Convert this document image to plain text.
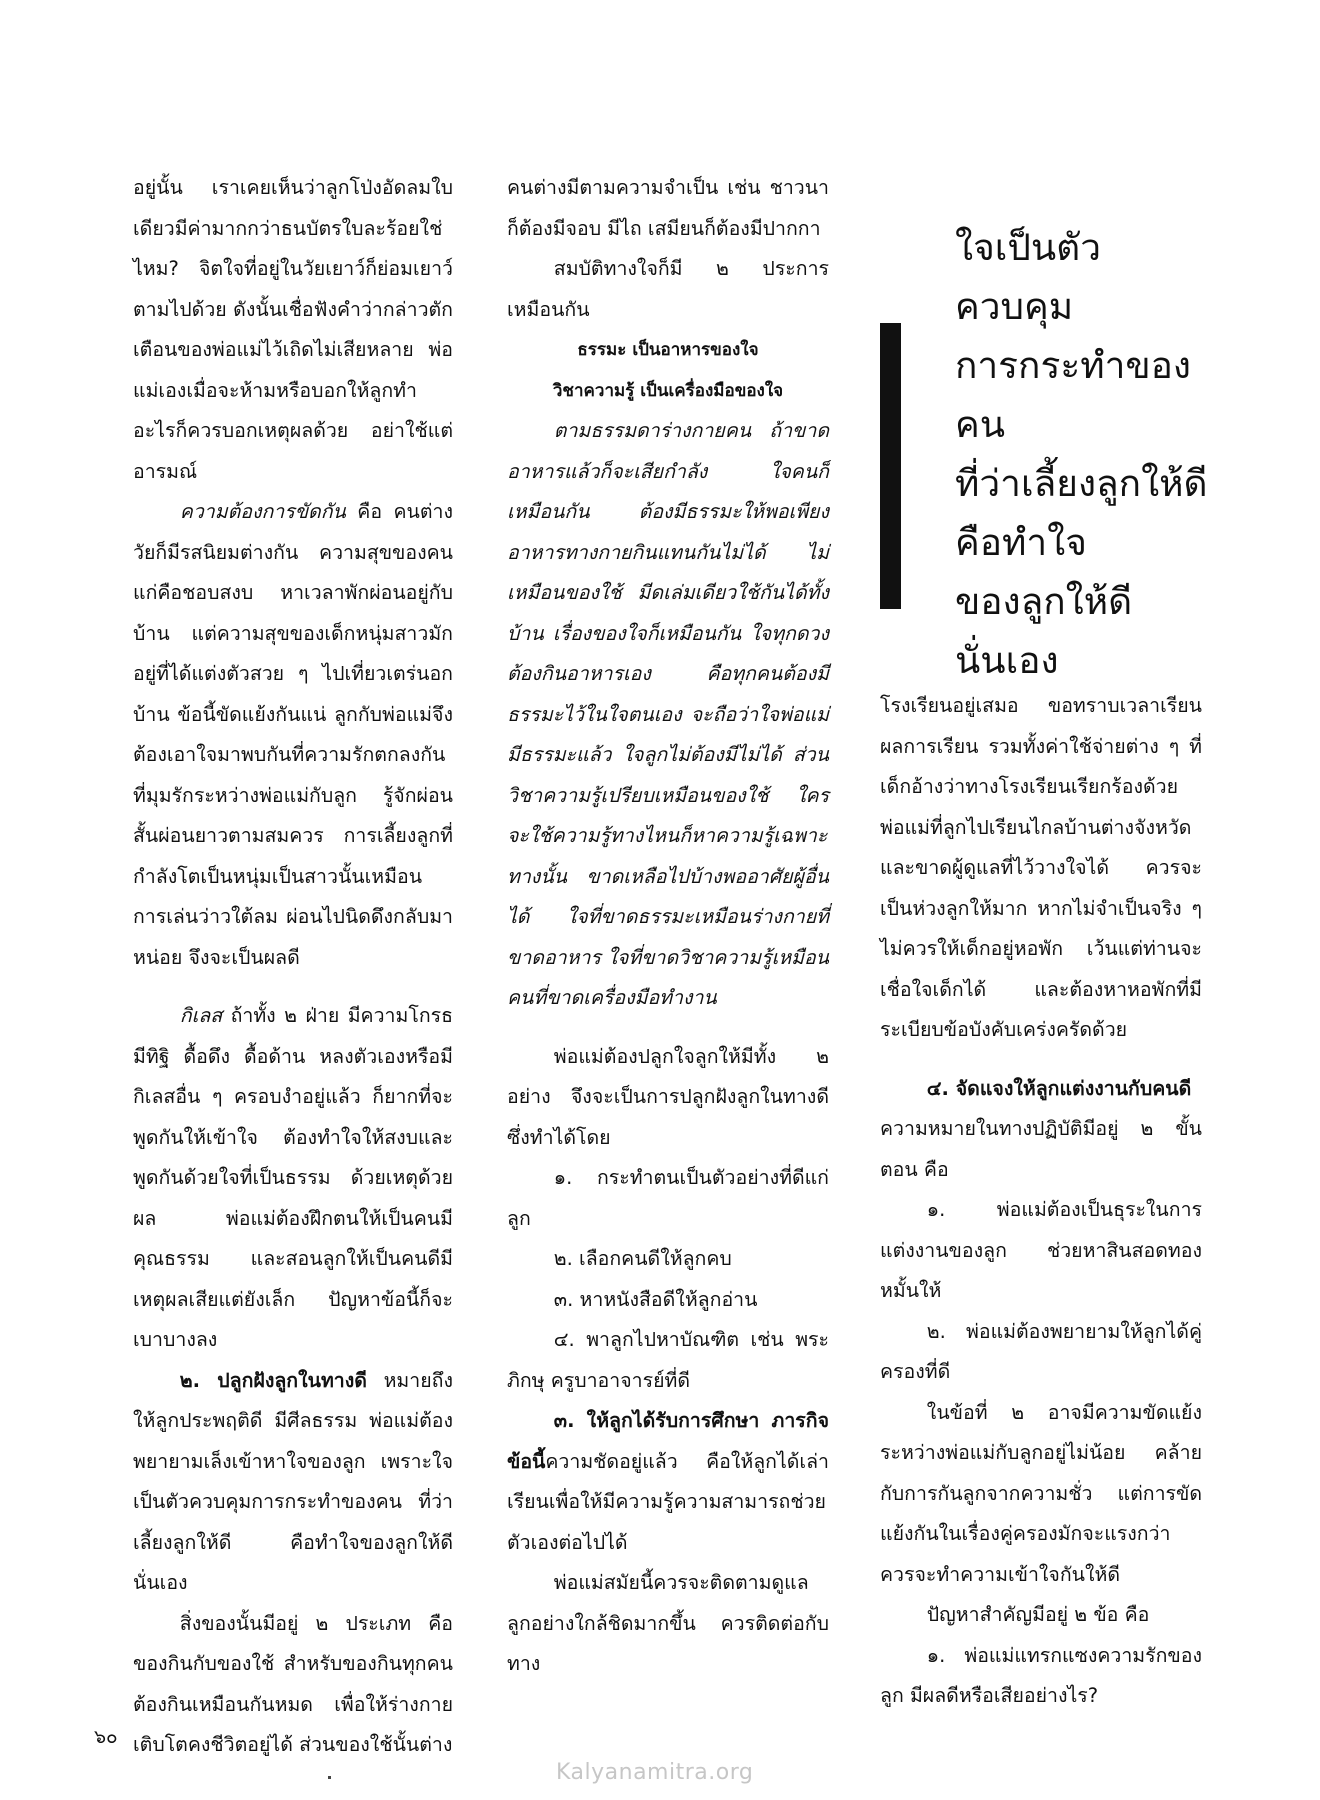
อยู่นั้น เราเคยเห็นว่าลูกโป่งอัดลมใบเดียวมีค่ามากกว่าธนบัตรใบละร้อยใช่ไหม? จิตใจที่อยู่ในวัยเยาว์ก็ย่อมเยาว์ตามไปด้วย ดังนั้นเชื่อฟังคำว่ากล่าวตักเตือนของพ่อแม่ไว้เถิดไม่เสียหลาย พ่อแม่เองเมื่อจะห้ามหรือบอกให้ลูกทำอะไรก็ควรบอกเหตุผลด้วย อย่าใช้แต่อารมณ์

ความต้องการขัดกัน คือ คนต่างวัยก็มีรสนิยมต่างกัน ความสุขของคนแก่คือชอบสงบ หาเวลาพักผ่อนอยู่กับบ้าน แต่ความสุขของเด็กหนุ่มสาวมักอยู่ที่ได้แต่งตัวสวย ๆ ไปเที่ยวเตร่นอกบ้าน ข้อนี้ขัดแย้งกันแน่ ลูกกับพ่อแม่จึงต้องเอาใจมาพบกันที่ความรักตกลงกันที่มุมรักระหว่างพ่อแม่กับลูก รู้จักผ่อนสั้นผ่อนยาวตามสมควร การเลี้ยงลูกที่กำลังโตเป็นหนุ่มเป็นสาวนั้นเหมือนการเล่นว่าวใต้ลม ผ่อนไปนิดดึงกลับมาหน่อย จึงจะเป็นผลดี

กิเลส ถ้าทั้ง ๒ ฝ่าย มีความโกรธมีทิฐิ ดื้อดึง ดื้อด้าน หลงตัวเองหรือมีกิเลสอื่น ๆ ครอบงำอยู่แล้ว ก็ยากที่จะพูดกันให้เข้าใจ ต้องทำใจให้สงบและพูดกันด้วยใจที่เป็นธรรม ด้วยเหตุด้วยผล พ่อแม่ต้องฝึกตนให้เป็นคนมีคุณธรรม และสอนลูกให้เป็นคนดีมีเหตุผลเสียแต่ยังเล็ก ปัญหาข้อนี้ก็จะเบาบางลง

๒. ปลูกฝังลูกในทางดี หมายถึงให้ลูกประพฤติดี มีศีลธรรม พ่อแม่ต้องพยายามเล็งเข้าหาใจของลูก เพราะใจเป็นตัวควบคุมการกระทำของคน ที่ว่าเลี้ยงลูกให้ดี คือทำใจของลูกให้ดีนั่นเอง

สิ่งของนั้นมีอยู่ ๒ ประเภท คือของกินกับของใช้ สำหรับของกินทุกคนต้องกินเหมือนกันหมด เพื่อให้ร่างกายเติบโตคงชีวิตอยู่ได้ ส่วนของใช้นั้นต่าง

คนต่างมีตามความจำเป็น เช่น ชาวนาก็ต้องมีจอบ มีไถ เสมียนก็ต้องมีปากกา

สมบัติทางใจก็มี ๒ ประการเหมือนกัน

ธรรมะ เป็นอาหารของใจ

วิชาความรู้ เป็นเครื่องมือของใจ

ตามธรรมดาร่างกายคน ถ้าขาดอาหารแล้วก็จะเสียกำลัง ใจคนก็เหมือนกัน ต้องมีธรรมะให้พอเพียง อาหารทางกายกินแทนกันไม่ได้ ไม่เหมือนของใช้ มีดเล่มเดียวใช้กันได้ทั้งบ้าน เรื่องของใจก็เหมือนกัน ใจทุกดวงต้องกินอาหารเอง คือทุกคนต้องมีธรรมะไว้ในใจตนเอง จะถือว่าใจพ่อแม่มีธรรมะแล้ว ใจลูกไม่ต้องมีไม่ได้ ส่วนวิชาความรู้เปรียบเหมือนของใช้ ใครจะใช้ความรู้ทางไหนก็หาความรู้เฉพาะทางนั้น ขาดเหลือไปบ้างพออาศัยผู้อื่นได้ ใจที่ขาดธรรมะเหมือนร่างกายที่ขาดอาหาร ใจที่ขาดวิชาความรู้เหมือนคนที่ขาดเครื่องมือทำงาน

พ่อแม่ต้องปลูกใจลูกให้มีทั้ง ๒ อย่าง จึงจะเป็นการปลูกฝังลูกในทางดี ซึ่งทำได้โดย

๑. กระทำตนเป็นตัวอย่างที่ดีแก่ลูก

๒. เลือกคนดีให้ลูกคบ

๓. หาหนังสือดีให้ลูกอ่าน

๔. พาลูกไปหาบัณฑิต เช่น พระภิกษุ ครูบาอาจารย์ที่ดี

๓. ให้ลูกได้รับการศึกษา ภารกิจข้อนี้ความชัดอยู่แล้ว คือให้ลูกได้เล่าเรียนเพื่อให้มีความรู้ความสามารถช่วยตัวเองต่อไปได้

พ่อแม่สมัยนี้ควรจะติดตามดูแลลูกอย่างใกล้ชิดมากขึ้น ควรติดต่อกับทาง

ใจเป็นตัว
ควบคุม
การกระทำของคน
ที่ว่าเลี้ยงลูกให้ดี
คือทำใจ
ของลูกให้ดี
นั่นเอง

โรงเรียนอยู่เสมอ ขอทราบเวลาเรียนผลการเรียน รวมทั้งค่าใช้จ่ายต่าง ๆ ที่เด็กอ้างว่าทางโรงเรียนเรียกร้องด้วย พ่อแม่ที่ลูกไปเรียนไกลบ้านต่างจังหวัด และขาดผู้ดูแลที่ไว้วางใจได้ ควรจะเป็นห่วงลูกให้มาก หากไม่จำเป็นจริง ๆ ไม่ควรให้เด็กอยู่หอพัก เว้นแต่ท่านจะเชื่อใจเด็กได้ และต้องหาหอพักที่มีระเบียบข้อบังคับเคร่งครัดด้วย

๔. จัดแจงให้ลูกแต่งงานกับคนดี

ความหมายในทางปฏิบัติมีอยู่ ๒ ขั้นตอน คือ

๑. พ่อแม่ต้องเป็นธุระในการแต่งงานของลูก ช่วยหาสินสอดทองหมั้นให้

๒. พ่อแม่ต้องพยายามให้ลูกได้คู่ครองที่ดี

ในข้อที่ ๒ อาจมีความขัดแย้งระหว่างพ่อแม่กับลูกอยู่ไม่น้อย คล้ายกับการกันลูกจากความชั่ว แต่การขัดแย้งกันในเรื่องคู่ครองมักจะแรงกว่าควรจะทำความเข้าใจกันให้ดี

ปัญหาสำคัญมีอยู่ ๒ ข้อ คือ

๑. พ่อแม่แทรกแซงความรักของลูก มีผลดีหรือเสียอย่างไร?

๖๐
Kalyanamitra.org
